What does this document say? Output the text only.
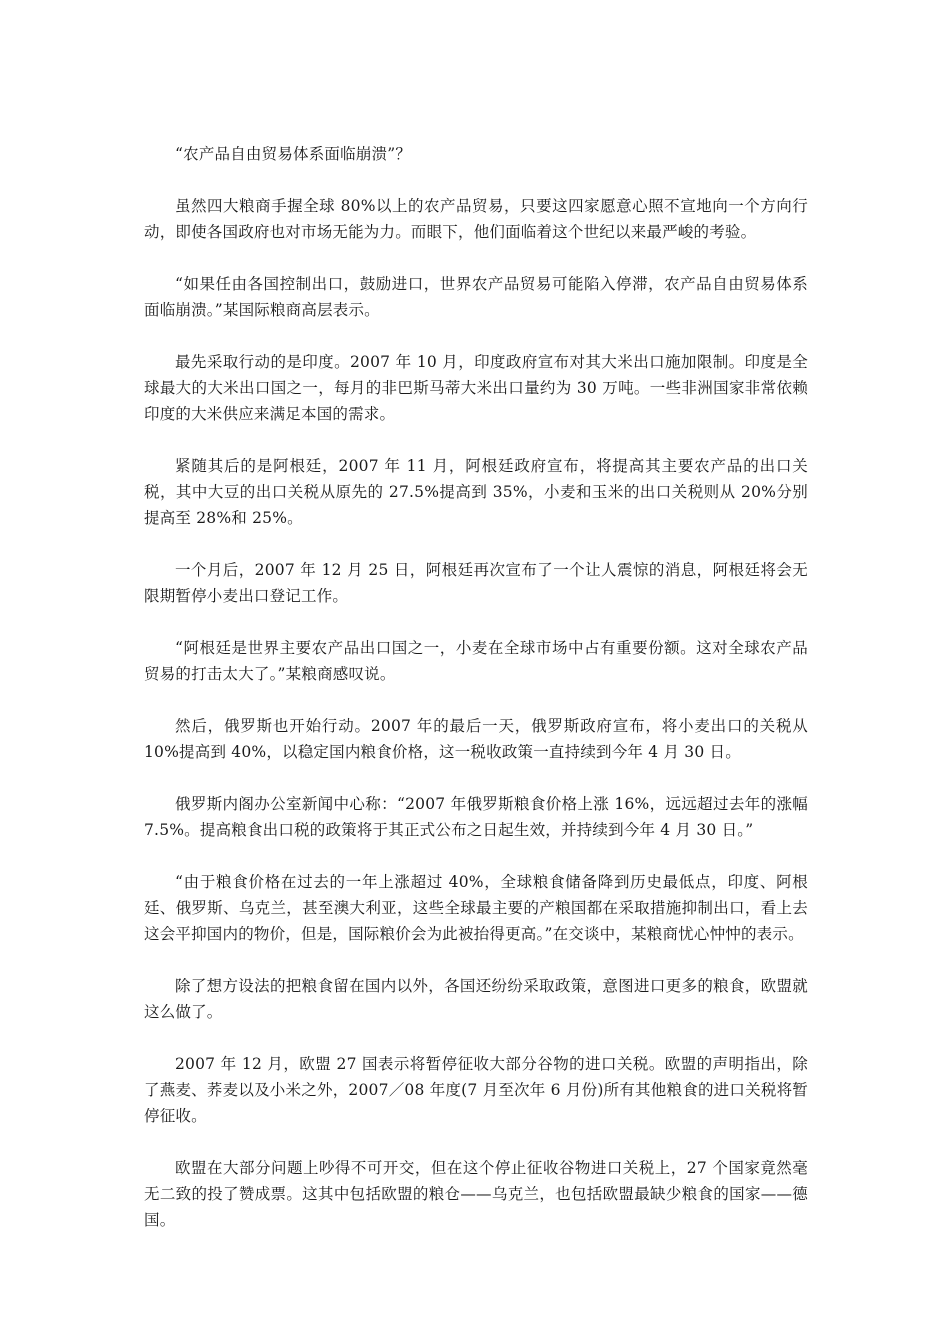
“农产品自由贸易体系面临崩溃”？

虽然四大粮商手握全球 80%以上的农产品贸易，只要这四家愿意心照不宣地向一个方向行动，即使各国政府也对市场无能为力。而眼下，他们面临着这个世纪以来最严峻的考验。

“如果任由各国控制出口，鼓励进口，世界农产品贸易可能陷入停滞，农产品自由贸易体系面临崩溃。”某国际粮商高层表示。

最先采取行动的是印度。2007 年 10 月，印度政府宣布对其大米出口施加限制。印度是全球最大的大米出口国之一，每月的非巴斯马蒂大米出口量约为 30 万吨。一些非洲国家非常依赖印度的大米供应来满足本国的需求。

紧随其后的是阿根廷，2007 年 11 月，阿根廷政府宣布，将提高其主要农产品的出口关税，其中大豆的出口关税从原先的 27.5%提高到 35%，小麦和玉米的出口关税则从 20%分别提高至 28%和 25%。

一个月后，2007 年 12 月 25 日，阿根廷再次宣布了一个让人震惊的消息，阿根廷将会无限期暂停小麦出口登记工作。

“阿根廷是世界主要农产品出口国之一，小麦在全球市场中占有重要份额。这对全球农产品贸易的打击太大了。”某粮商感叹说。

然后，俄罗斯也开始行动。2007 年的最后一天，俄罗斯政府宣布，将小麦出口的关税从 10%提高到 40%，以稳定国内粮食价格，这一税收政策一直持续到今年 4 月 30 日。

俄罗斯内阁办公室新闻中心称：“2007 年俄罗斯粮食价格上涨 16%，远远超过去年的涨幅 7.5%。提高粮食出口税的政策将于其正式公布之日起生效，并持续到今年 4 月 30 日。”

“由于粮食价格在过去的一年上涨超过 40%，全球粮食储备降到历史最低点，印度、阿根廷、俄罗斯、乌克兰，甚至澳大利亚，这些全球最主要的产粮国都在采取措施抑制出口，看上去这会平抑国内的物价，但是，国际粮价会为此被抬得更高。”在交谈中，某粮商忧心忡忡的表示。

除了想方设法的把粮食留在国内以外，各国还纷纷采取政策，意图进口更多的粮食，欧盟就这么做了。

2007 年 12 月，欧盟 27 国表示将暂停征收大部分谷物的进口关税。欧盟的声明指出，除了燕麦、荞麦以及小米之外，2007／08 年度(7 月至次年 6 月份)所有其他粮食的进口关税将暂停征收。

欧盟在大部分问题上吵得不可开交，但在这个停止征收谷物进口关税上，27 个国家竟然毫无二致的投了赞成票。这其中包括欧盟的粮仓——乌克兰，也包括欧盟最缺少粮食的国家——德国。
